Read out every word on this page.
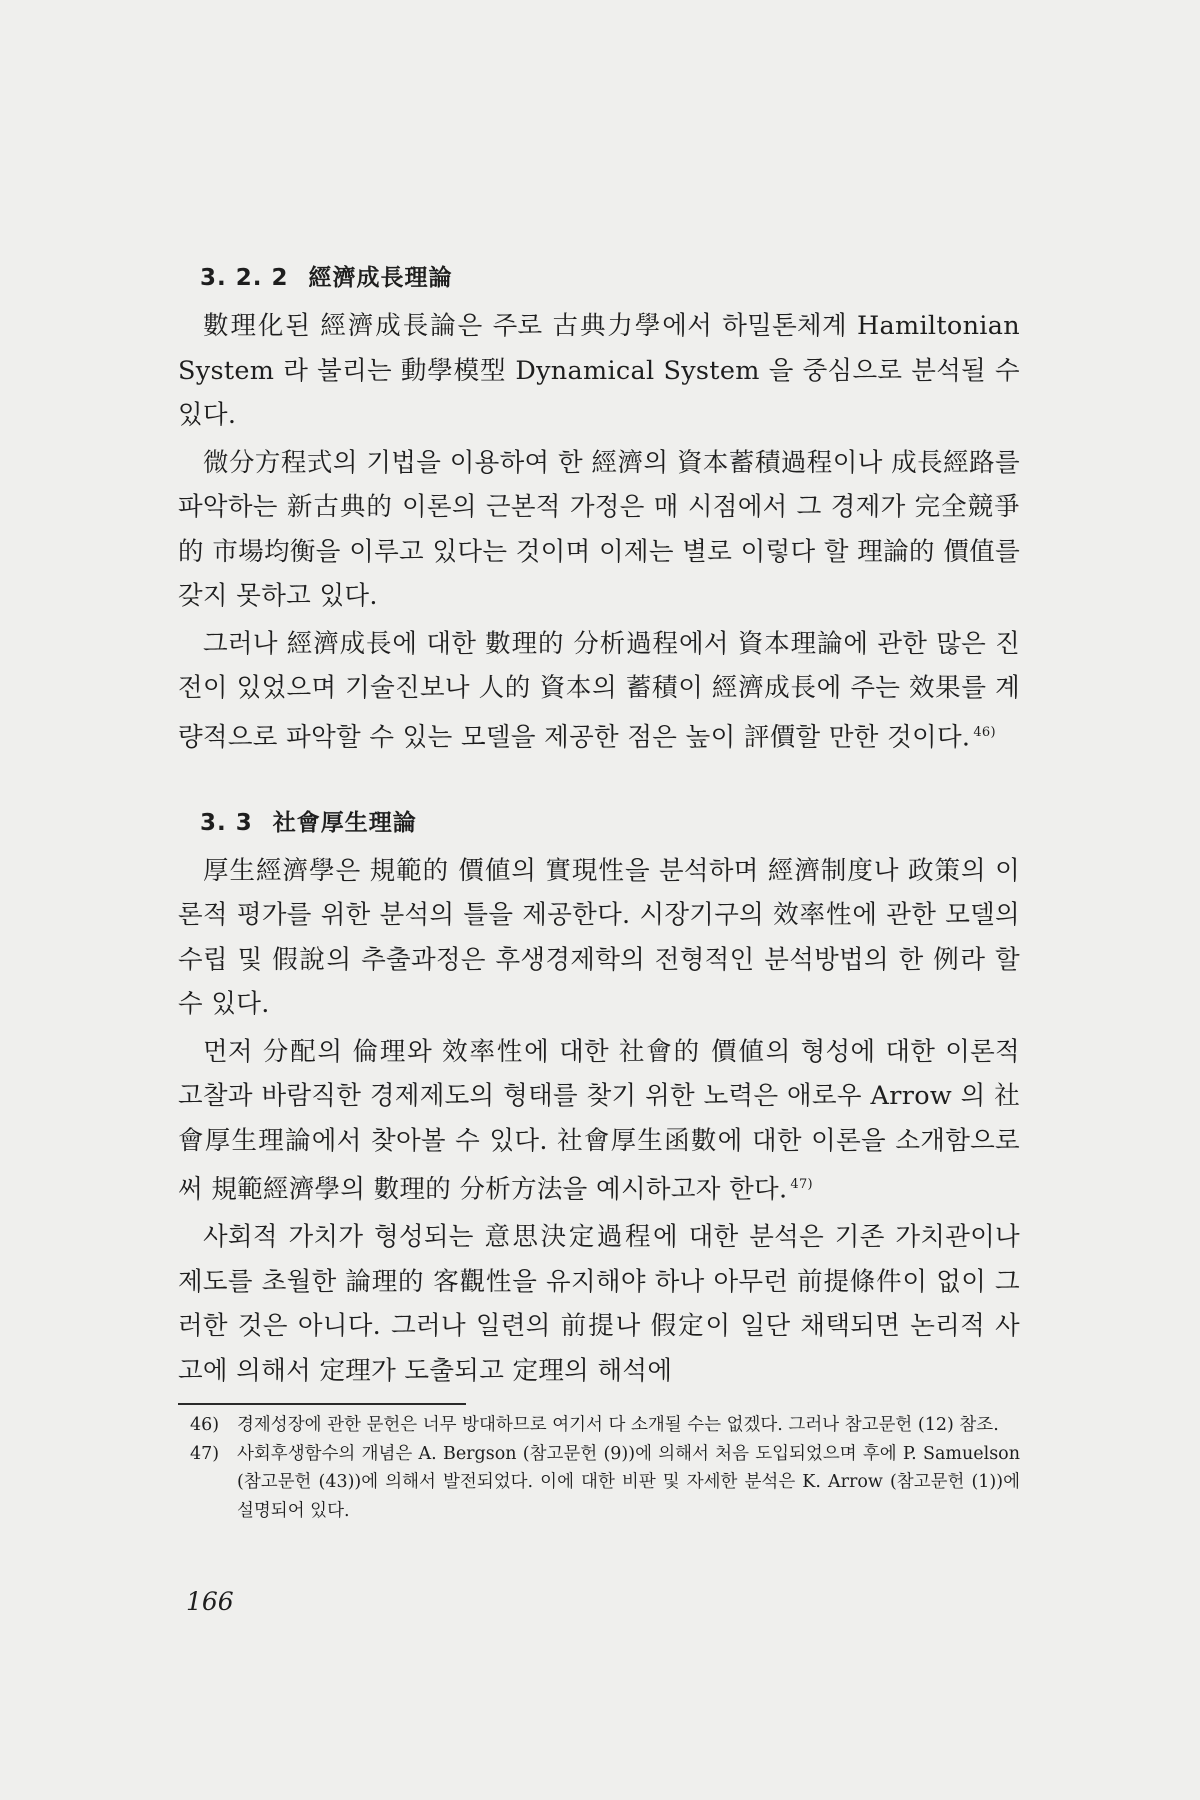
3. 2. 2 經濟成長理論

數理化된 經濟成長論은 주로 古典力學에서 하밀톤체계 Hamiltonian System 라 불리는 動學模型 Dynamical System 을 중심으로 분석될 수 있다.

微分方程式의 기법을 이용하여 한 經濟의 資本蓄積過程이나 成長經路를 파악하는 新古典的 이론의 근본적 가정은 매 시점에서 그 경제가 完全競爭的 市場均衡을 이루고 있다는 것이며 이제는 별로 이렇다 할 理論的 價值를 갖지 못하고 있다.

그러나 經濟成長에 대한 數理的 分析過程에서 資本理論에 관한 많은 진전이 있었으며 기술진보나 人的 資本의 蓄積이 經濟成長에 주는 效果를 계량적으로 파악할 수 있는 모델을 제공한 점은 높이 評價할 만한 것이다. $^{46)}$

3. 3 社會厚生理論

厚生經濟學은 規範的 價値의 實現性을 분석하며 經濟制度나 政策의 이론적 평가를 위한 분석의 틀을 제공한다. 시장기구의 效率性에 관한 모델의 수립 및 假說의 추출과정은 후생경제학의 전형적인 분석방법의 한 例라 할 수 있다.

먼저 分配의 倫理와 效率性에 대한 社會的 價値의 형성에 대한 이론적 고찰과 바람직한 경제제도의 형태를 찾기 위한 노력은 애로우 Arrow 의 社會厚生理論에서 찾아볼 수 있다. 社會厚生函數에 대한 이론을 소개함으로써 規範經濟學의 數理的 分析方法을 예시하고자 한다. $^{47)}$

사회적 가치가 형성되는 意思決定過程에 대한 분석은 기존 가치관이나 제도를 초월한 論理的 客觀性을 유지해야 하나 아무런 前提條件이 없이 그러한 것은 아니다. 그러나 일련의 前提나 假定이 일단 채택되면 논리적 사고에 의해서 定理가 도출되고 定理의 해석에

46)	경제성장에 관한 문헌은 너무 방대하므로 여기서 다 소개될 수는 없겠다. 그러나 참고문헌 (12) 참조.
47)	사회후생함수의 개념은 A. Bergson (참고문헌 (9))에 의해서 처음 도입되었으며 후에 P. Samuelson (참고문헌 (43))에 의해서 발전되었다. 이에 대한 비판 및 자세한 분석은 K. Arrow (참고문헌 (1))에 설명되어 있다.
166
